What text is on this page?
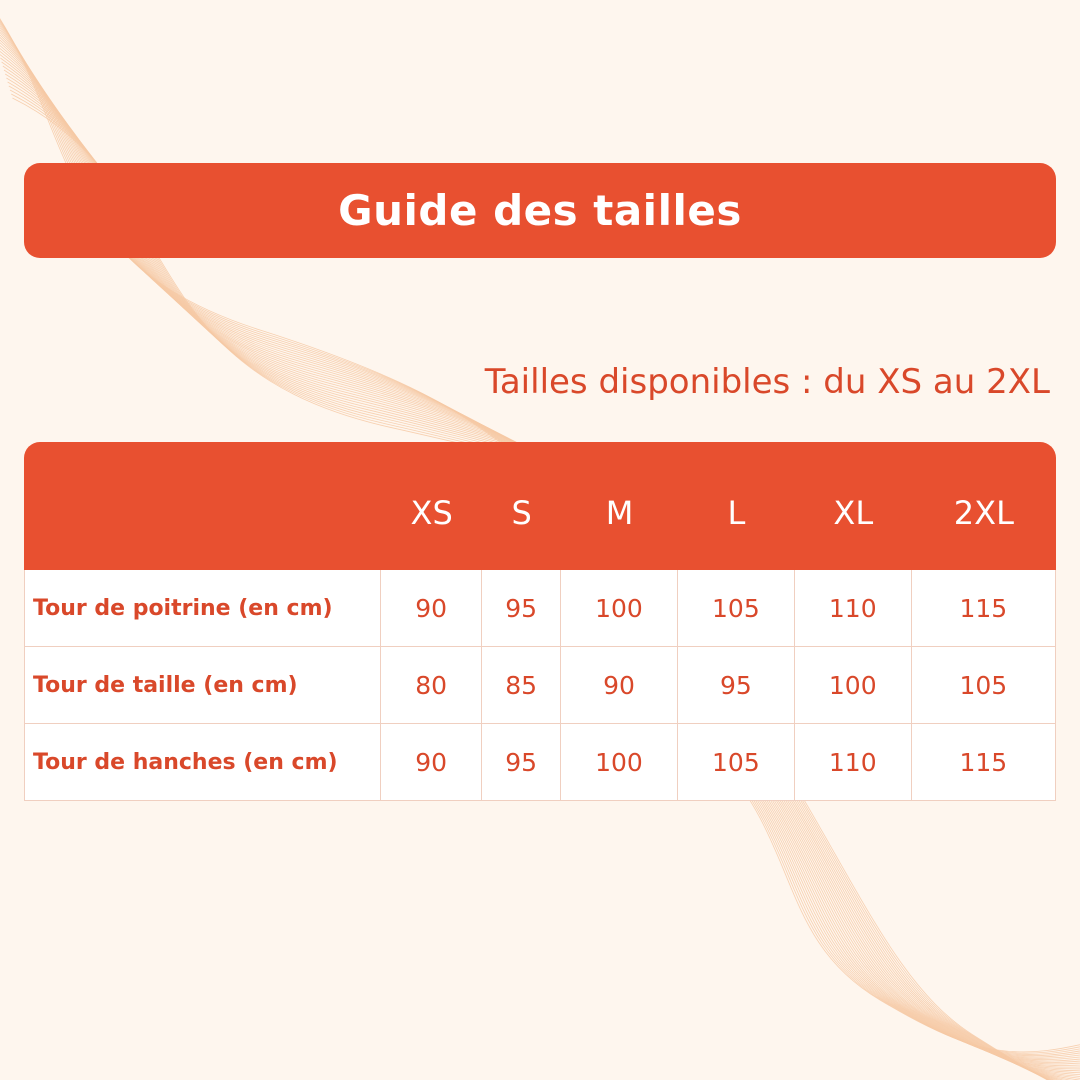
Guide des tailles
Tailles disponibles : du XS au 2XL
	XS	S	M	L	XL	2XL
Tour de poitrine (en cm)	90	95	100	105	110	115
Tour de taille (en cm)	80	85	90	95	100	105
Tour de hanches (en cm)	90	95	100	105	110	115
